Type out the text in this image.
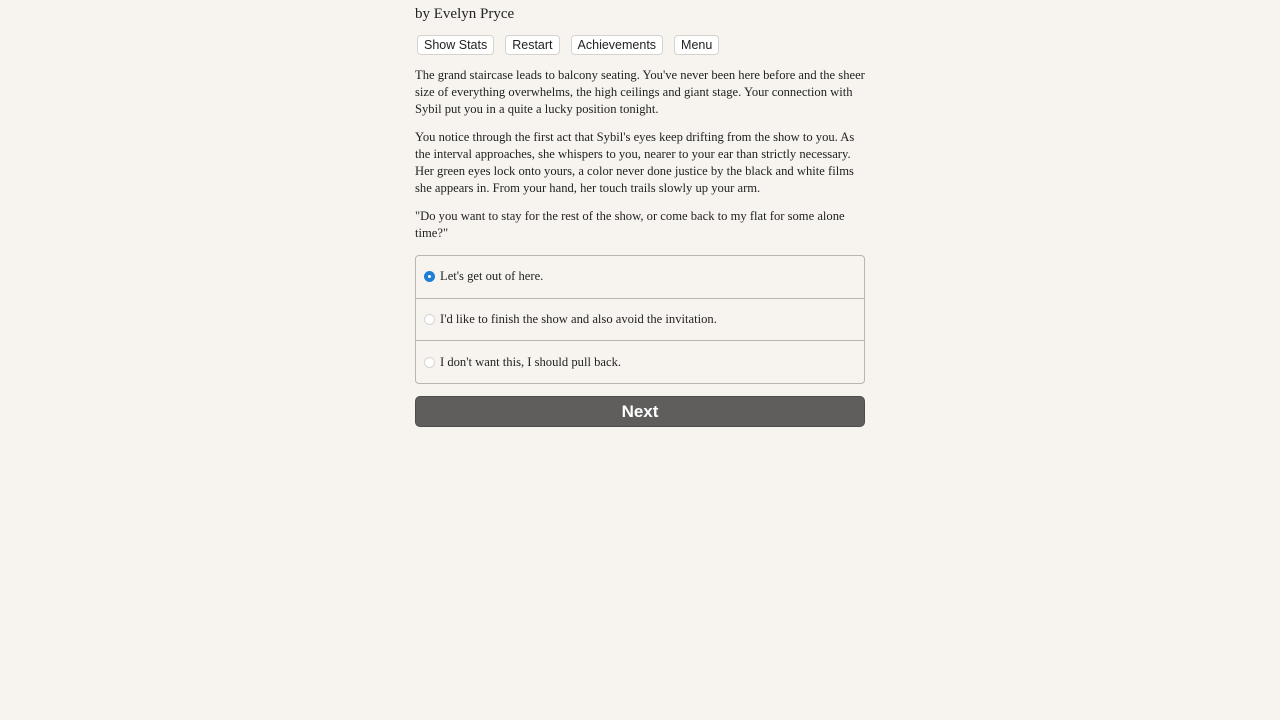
by Evelyn Pryce
Show Stats	Restart	Achievements	Menu

The grand staircase leads to balcony seating. You've never been here before and the sheer size of everything overwhelms, the high ceilings and giant stage. Your connection with Sybil put you in a quite a lucky position tonight.

You notice through the first act that Sybil's eyes keep drifting from the show to you. As the interval approaches, she whispers to you, nearer to your ear than strictly necessary. Her green eyes lock onto yours, a color never done justice by the black and white films she appears in. From your hand, her touch trails slowly up your arm.

"Do you want to stay for the rest of the show, or come back to my flat for some alone time?"

Let's get out of here.
I'd like to finish the show and also avoid the invitation.
I don't want this, I should pull back.
Next
